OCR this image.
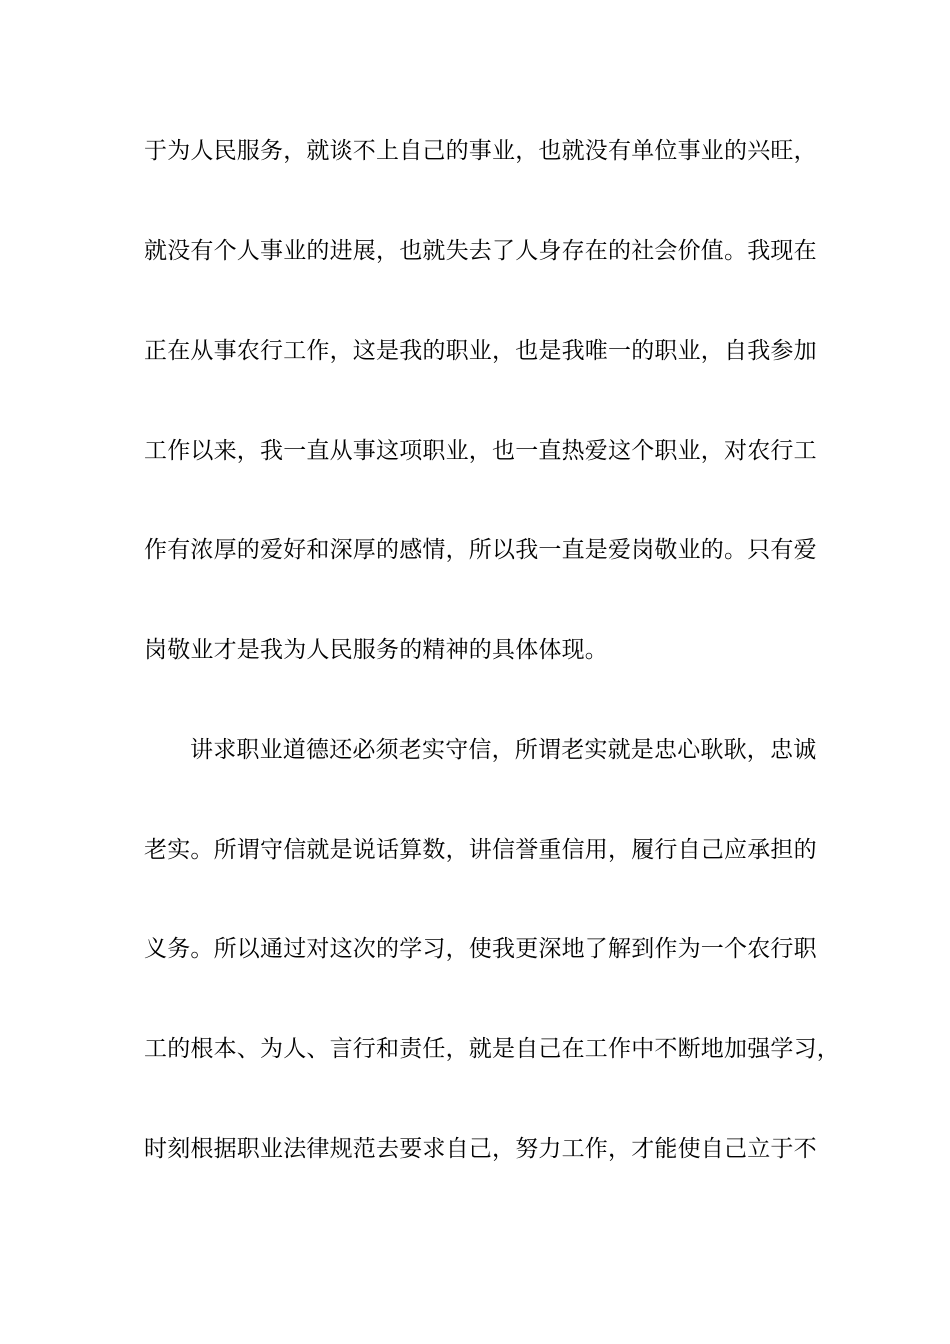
于为人民服务，就谈不上自己的事业，也就没有单位事业的兴旺，
就没有个人事业的进展，也就失去了人身存在的社会价值。我现在
正在从事农行工作，这是我的职业，也是我唯一的职业，自我参加
工作以来，我一直从事这项职业，也一直热爱这个职业，对农行工
作有浓厚的爱好和深厚的感情，所以我一直是爱岗敬业的。只有爱
岗敬业才是我为人民服务的精神的具体体现。
讲求职业道德还必须老实守信，所谓老实就是忠心耿耿，忠诚
老实。所谓守信就是说话算数，讲信誉重信用，履行自己应承担的
义务。所以通过对这次的学习，使我更深地了解到作为一个农行职
工的根本、为人、言行和责任，就是自己在工作中不断地加强学习，
时刻根据职业法律规范去要求自己，努力工作，才能使自己立于不
